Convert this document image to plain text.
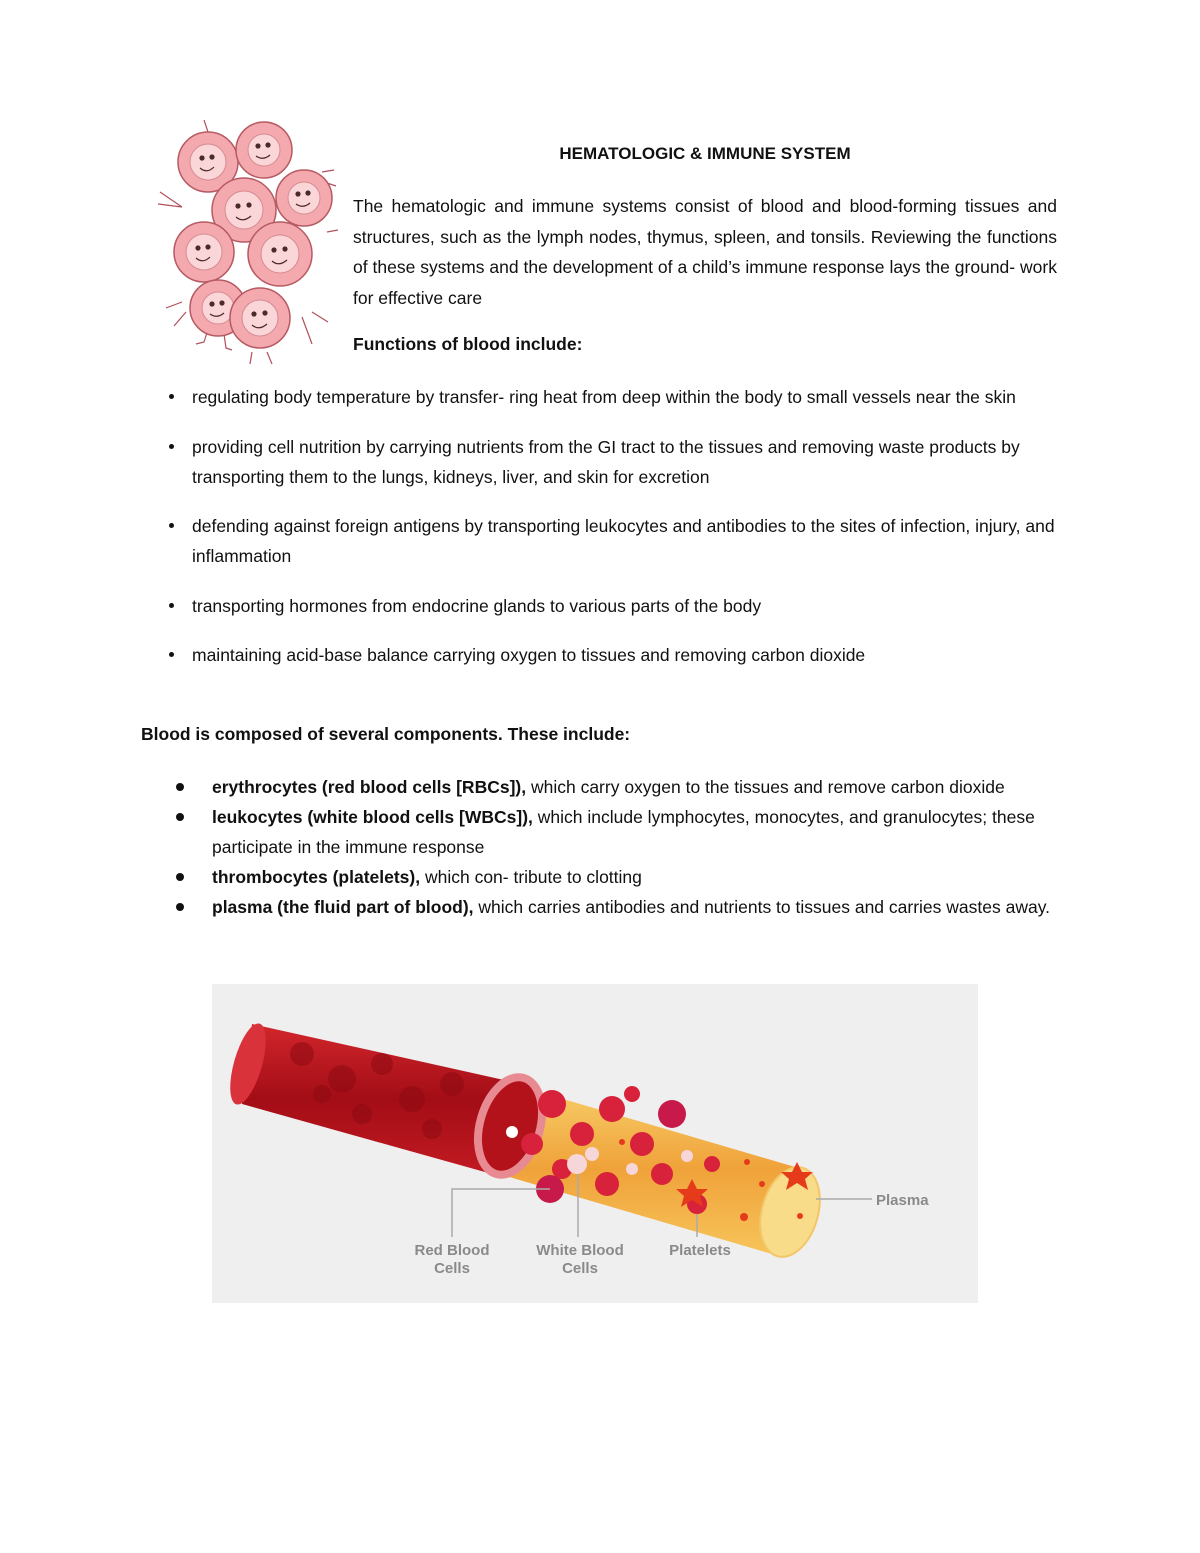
HEMATOLOGIC & IMMUNE SYSTEM

The hematologic and immune systems consist of blood and blood-forming tissues and structures, such as the lymph nodes, thymus, spleen, and tonsils. Reviewing the functions of these systems and the development of a child’s immune response lays the ground- work for effective care

Functions of blood include:
regulating body temperature by transfer- ring heat from deep within the body to small vessels near the skin
providing cell nutrition by carrying nutrients from the GI tract to the tissues and removing waste products by transporting them to the lungs, kidneys, liver, and skin for excretion
defending against foreign antigens by transporting leukocytes and antibodies to the sites of infection, injury, and inflammation
transporting hormones from endocrine glands to various parts of the body
maintaining acid-base balance carrying oxygen to tissues and removing carbon dioxide
Blood is composed of several components. These include:
erythrocytes (red blood cells [RBCs]), which carry oxygen to the tissues and remove carbon dioxide
leukocytes (white blood cells [WBCs]), which include lymphocytes, monocytes, and granulocytes; these participate in the immune response
thrombocytes (platelets), which con- tribute to clotting
plasma (the fluid part of blood), which carries antibodies and nutrients to tissues and carries wastes away.
Red Blood
Cells
White Blood
Cells
Platelets
Plasma
